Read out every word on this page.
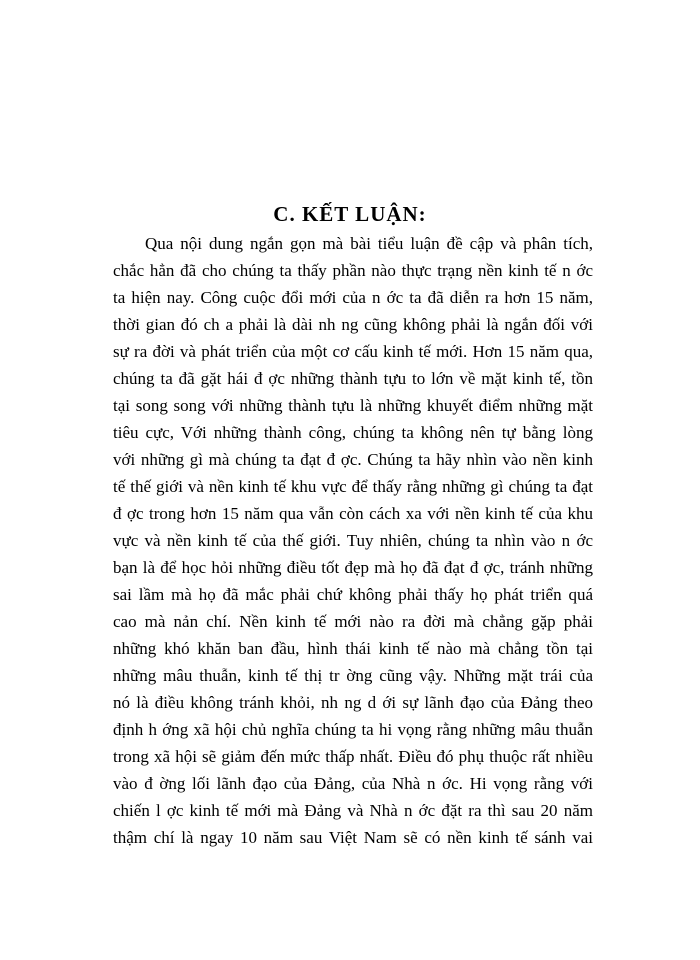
C. KẾT LUẬN:
Qua nội dung ngắn gọn mà bài tiểu luận đề cập và phân tích,
chắc hẳn đã cho chúng ta thấy phần nào thực trạng nền kinh tế n ớc
ta hiện nay. Công cuộc đổi mới của n ớc ta đã diễn ra hơn 15 năm,
thời gian đó ch a phải là dài nh ng cũng không phải là ngắn đối với
sự ra đời và phát triển của một cơ cấu kinh tế mới. Hơn 15 năm qua,
chúng ta đã gặt hái đ ợc những thành tựu to lớn về mặt kinh tế, tồn
tại song song với những thành tựu là những khuyết điểm những mặt
tiêu cực, Với những thành công, chúng ta không nên tự bằng lòng
với những gì mà chúng ta đạt đ ợc. Chúng ta hãy nhìn vào nền kinh
tế thế giới và nền kinh tế khu vực để thấy rằng những gì chúng ta đạt
đ ợc trong hơn 15 năm qua vẫn còn cách xa với nền kinh tế của khu
vực và nền kinh tế của thế giới. Tuy nhiên, chúng ta nhìn vào n ớc
bạn là để học hỏi những điều tốt đẹp mà họ đã đạt đ ợc, tránh những
sai lầm mà họ đã mắc phải chứ không phải thấy họ phát triển quá
cao mà nản chí. Nền kinh tế mới nào ra đời mà chẳng gặp phải
những khó khăn ban đầu, hình thái kinh tế nào mà chẳng tồn tại
những mâu thuẫn, kinh tế thị tr ờng cũng vậy. Những mặt trái của
nó là điều không tránh khỏi, nh ng d ới sự lãnh đạo của Đảng theo
định h ớng xã hội chủ nghĩa chúng ta hi vọng rằng những mâu thuẫn
trong xã hội sẽ giảm đến mức thấp nhất. Điều đó phụ thuộc rất nhiều
vào đ ờng lối lãnh đạo của Đảng, của Nhà n ớc. Hi vọng rằng với
chiến l ợc kinh tế mới mà Đảng và Nhà n ớc đặt ra thì sau 20 năm
thậm chí là ngay 10 năm sau Việt Nam sẽ có nền kinh tế sánh vai
